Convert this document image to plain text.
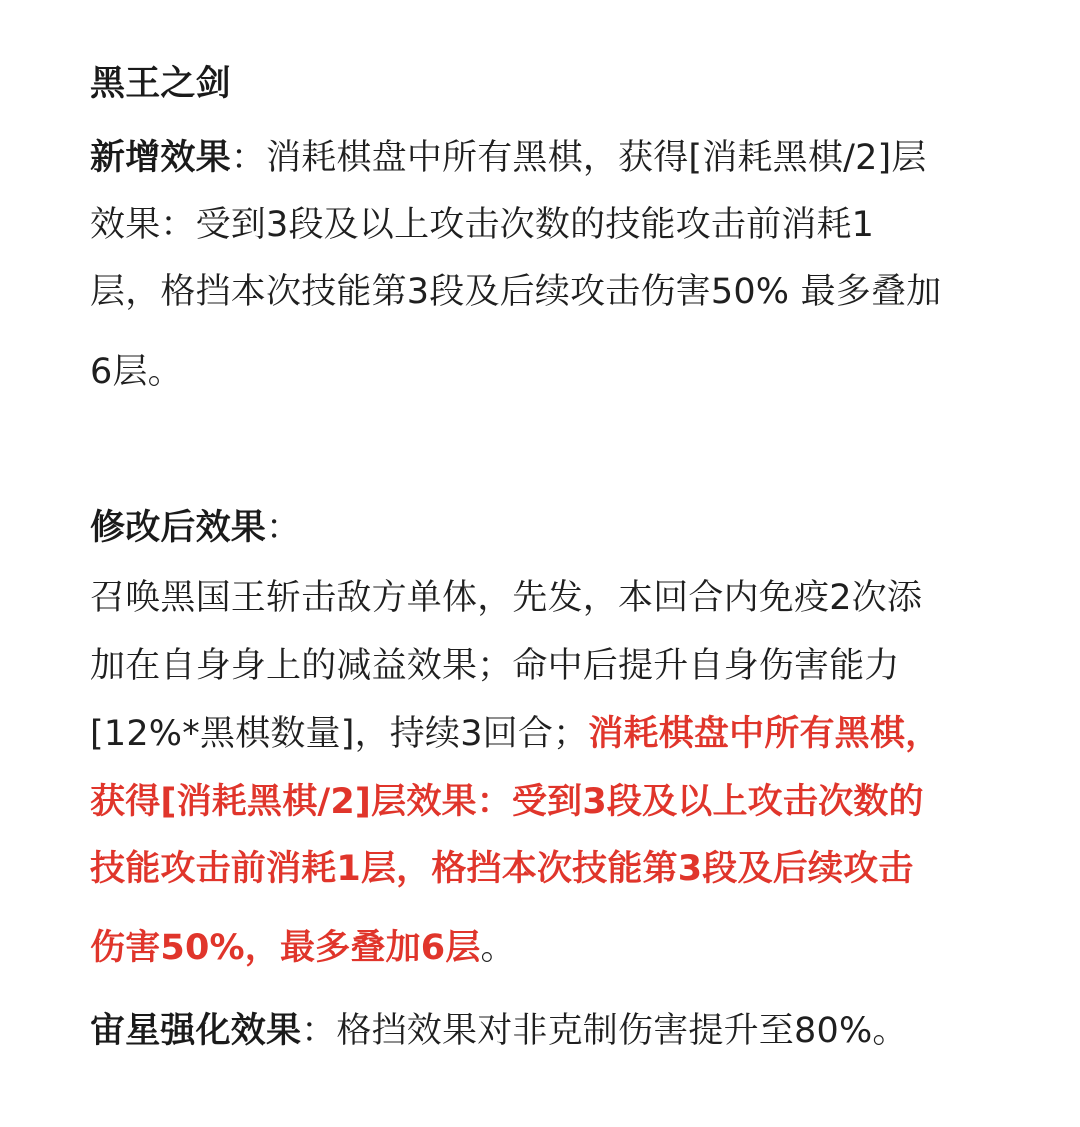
黑王之剑
新增效果：消耗棋盘中所有黑棋，获得[消耗黑棋/2]层
效果：受到3段及以上攻击次数的技能攻击前消耗1
层，格挡本次技能第3段及后续攻击伤害50% 最多叠加
6层。
修改后效果：
召唤黑国王斩击敌方单体，先发，本回合内免疫2次添
加在自身身上的减益效果；命中后提升自身伤害能力
[12%*黑棋数量]，持续3回合；消耗棋盘中所有黑棋，
获得[消耗黑棋/2]层效果：受到3段及以上攻击次数的
技能攻击前消耗1层，格挡本次技能第3段及后续攻击
伤害50%，最多叠加6层。
宙星强化效果：格挡效果对非克制伤害提升至80%。
